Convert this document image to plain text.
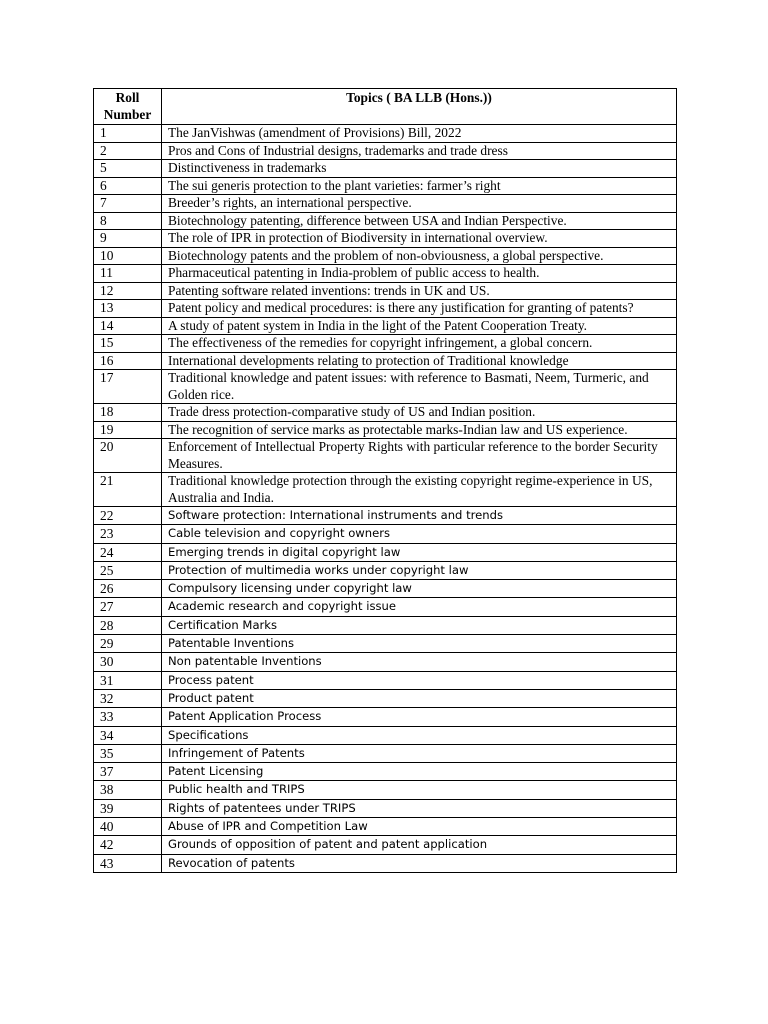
Roll Number	Topics ( BA LLB (Hons.))
1	The JanVishwas (amendment of Provisions) Bill, 2022
2	Pros and Cons of Industrial designs, trademarks and trade dress
5	Distinctiveness in trademarks
6	The sui generis protection to the plant varieties: farmer’s right
7	Breeder’s rights, an international perspective.
8	Biotechnology patenting, difference between USA and Indian Perspective.
9	The role of IPR in protection of Biodiversity in international overview.
10	Biotechnology patents and the problem of non-obviousness, a global perspective.
11	Pharmaceutical patenting in India-problem of public access to health.
12	Patenting software related inventions: trends in UK and US.
13	Patent policy and medical procedures: is there any justification for granting of patents?
14	A study of patent system in India in the light of the Patent Cooperation Treaty.
15	The effectiveness of the remedies for copyright infringement, a global concern.
16	International developments relating to protection of Traditional knowledge
17	Traditional knowledge and patent issues: with reference to Basmati, Neem, Turmeric, and Golden rice.
18	Trade dress protection-comparative study of US and Indian position.
19	The recognition of service marks as protectable marks-Indian law and US experience.
20	Enforcement of Intellectual Property Rights with particular reference to the border Security Measures.
21	Traditional knowledge protection through the existing copyright regime-experience in US, Australia and India.
22	Software protection: International instruments and trends
23	Cable television and copyright owners
24	Emerging trends in digital copyright law
25	Protection of multimedia works under copyright law
26	Compulsory licensing under copyright law
27	Academic research and copyright issue
28	Certification Marks
29	Patentable Inventions
30	Non patentable Inventions
31	Process patent
32	Product patent
33	Patent Application Process
34	Specifications
35	Infringement of Patents
37	Patent Licensing
38	Public health and TRIPS
39	Rights of patentees under TRIPS
40	Abuse of IPR and Competition Law
42	Grounds of opposition of patent and patent application
43	Revocation of patents
